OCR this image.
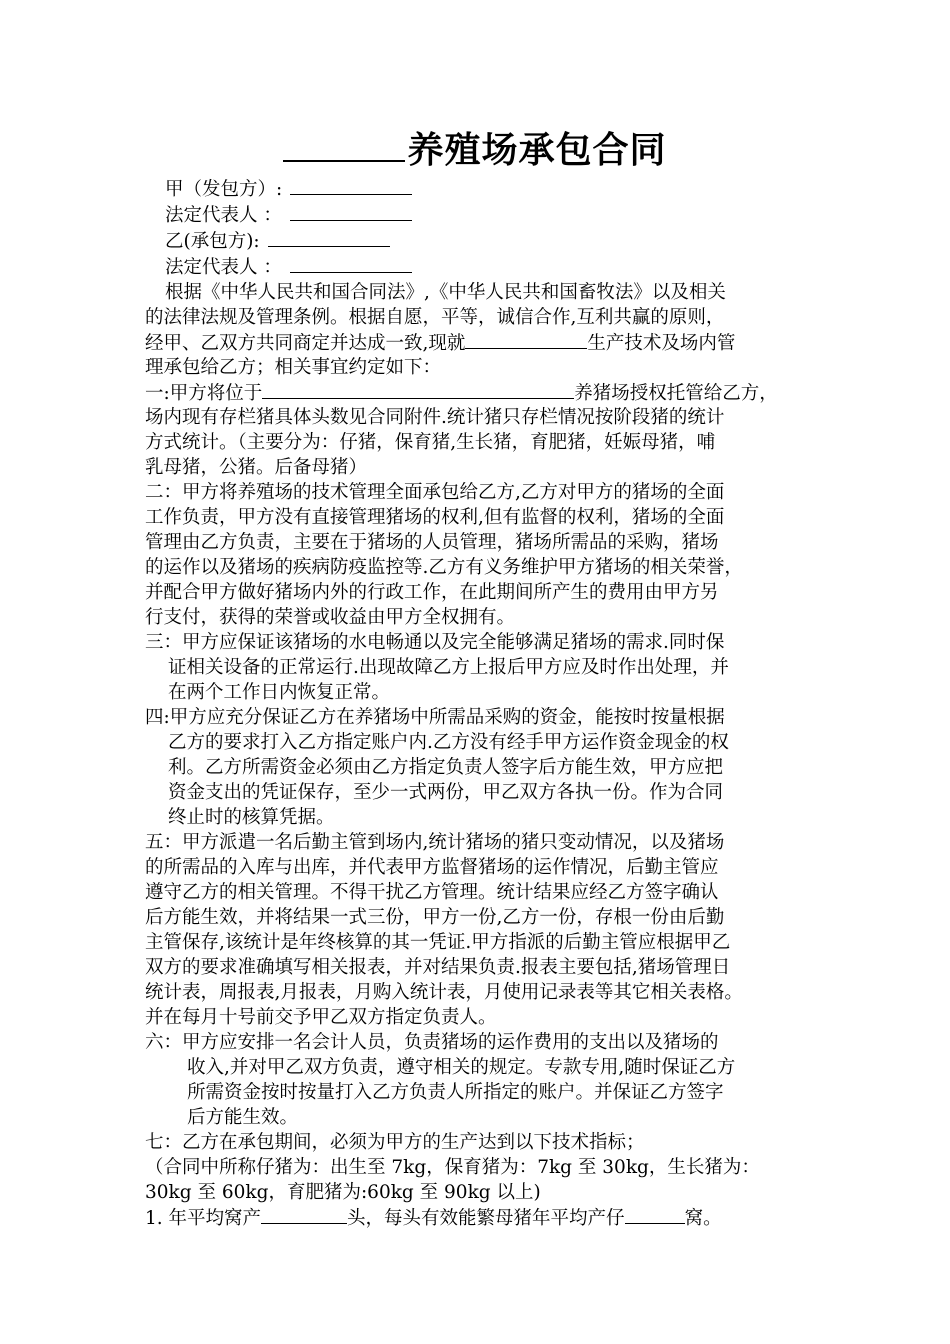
养殖场承包合同
甲（发包方）:
法定代表人 ：
乙(承包方):
法定代表人 ：
根据《中华人民共和国合同法》,《中华人民共和国畜牧法》以及相关
的法律法规及管理条例。根据自愿，平等，诚信合作,互利共赢的原则，
经甲、乙双方共同商定并达成一致,现就	生产技术及场内管
理承包给乙方；相关事宜约定如下：
一:甲方将位于	养猪场授权托管给乙方，
场内现有存栏猪具体头数见合同附件.统计猪只存栏情况按阶段猪的统计
方式统计。（主要分为：仔猪，保育猪,生长猪，育肥猪，妊娠母猪，哺
乳母猪，公猪。后备母猪）
二：甲方将养殖场的技术管理全面承包给乙方,乙方对甲方的猪场的全面
工作负责，甲方没有直接管理猪场的权利,但有监督的权利，猪场的全面
管理由乙方负责，主要在于猪场的人员管理，猪场所需品的采购，猪场
的运作以及猪场的疾病防疫监控等.乙方有义务维护甲方猪场的相关荣誉，
并配合甲方做好猪场内外的行政工作，在此期间所产生的费用由甲方另
行支付，获得的荣誉或收益由甲方全权拥有。
三：甲方应保证该猪场的水电畅通以及完全能够满足猪场的需求.同时保
证相关设备的正常运行.出现故障乙方上报后甲方应及时作出处理，并
在两个工作日内恢复正常。
四:甲方应充分保证乙方在养猪场中所需品采购的资金，能按时按量根据
乙方的要求打入乙方指定账户内.乙方没有经手甲方运作资金现金的权
利。乙方所需资金必须由乙方指定负责人签字后方能生效，甲方应把
资金支出的凭证保存，至少一式两份，甲乙双方各执一份。作为合同
终止时的核算凭据。
五：甲方派遣一名后勤主管到场内,统计猪场的猪只变动情况，以及猪场
的所需品的入库与出库，并代表甲方监督猪场的运作情况，后勤主管应
遵守乙方的相关管理。不得干扰乙方管理。统计结果应经乙方签字确认
后方能生效，并将结果一式三份，甲方一份,乙方一份，存根一份由后勤
主管保存,该统计是年终核算的其一凭证.甲方指派的后勤主管应根据甲乙
双方的要求准确填写相关报表，并对结果负责.报表主要包括,猪场管理日
统计表，周报表,月报表，月购入统计表，月使用记录表等其它相关表格。
并在每月十号前交予甲乙双方指定负责人。
六：甲方应安排一名会计人员，负责猪场的运作费用的支出以及猪场的
收入,并对甲乙双方负责，遵守相关的规定。专款专用,随时保证乙方
所需资金按时按量打入乙方负责人所指定的账户。并保证乙方签字
后方能生效。
七：乙方在承包期间，必须为甲方的生产达到以下技术指标；
（合同中所称仔猪为：出生至 7kg，保育猪为：7kg 至 30kg，生长猪为：
30kg 至 60kg，育肥猪为:60kg 至 90kg 以上)
1. 年平均窝产	头，每头有效能繁母猪年平均产仔	窝。
